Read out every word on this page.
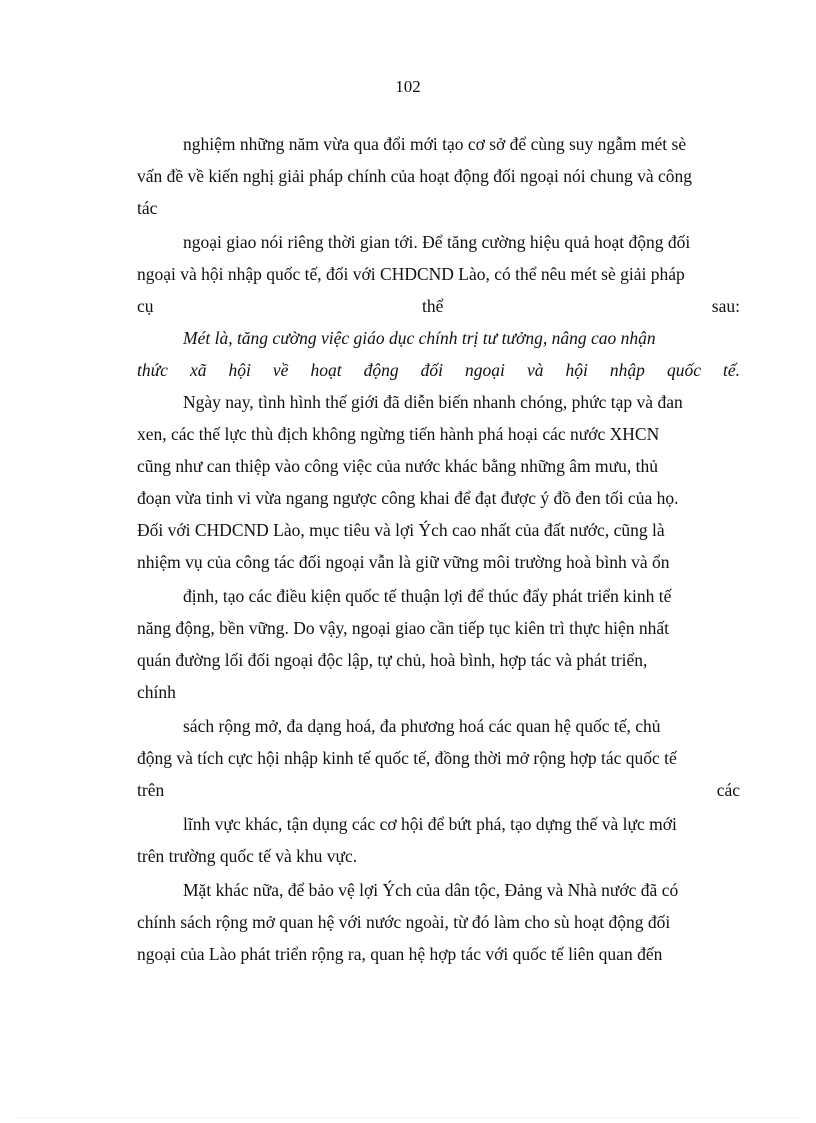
102
nghiệm những năm vừa qua đổi mới tạo cơ sở để cùng suy ngẫm mét sè
vấn đề về kiến nghị giải pháp chính của hoạt động đối ngoại nói chung và công
tác
ngoại giao nói riêng thời gian tới. Để tăng cường hiệu quả hoạt động đối
ngoại và hội nhập quốc tế, đối với CHDCND Lào, có thể nêu mét sè giải pháp
cụ thể sau:
Mét là, tăng cường việc giáo dục chính trị tư tưởng, nâng cao nhận
thức xã hội về hoạt động đối ngoại và hội nhập quốc tế.
Ngày nay, tình hình thế giới đã diễn biến nhanh chóng, phức tạp và đan
xen, các thế lực thù địch không ngừng tiến hành phá hoại các nước XHCN
cũng như can thiệp vào công việc của nước khác bằng những âm mưu, thủ
đoạn vừa tinh vi vừa ngang ngược công khai để đạt được ý đồ đen tối của họ.
Đối với CHDCND Lào, mục tiêu và lợi Ých cao nhất của đất nước, cũng là
nhiệm vụ của công tác đối ngoại vẫn là giữ vững môi trường hoà bình và ổn
định, tạo các điều kiện quốc tế thuận lợi để thúc đẩy phát triển kinh tế
năng động, bền vững. Do vậy, ngoại giao cần tiếp tục kiên trì thực hiện nhất
quán đường lối đối ngoại độc lập, tự chủ, hoà bình, hợp tác và phát triển,
chính
sách rộng mở, đa dạng hoá, đa phương hoá các quan hệ quốc tế, chủ
động và tích cực hội nhập kinh tế quốc tế, đồng thời mở rộng hợp tác quốc tế
trên các
lĩnh vực khác, tận dụng các cơ hội để bứt phá, tạo dựng thế và lực mới
trên trường quốc tế và khu vực.
Mặt khác nữa, để bảo vệ lợi Ých của dân tộc, Đảng và Nhà nước đã có
chính sách rộng mở quan hệ với nước ngoài, từ đó làm cho sù hoạt động đối
ngoại của Lào phát triển rộng ra, quan hệ hợp tác với quốc tế liên quan đến
